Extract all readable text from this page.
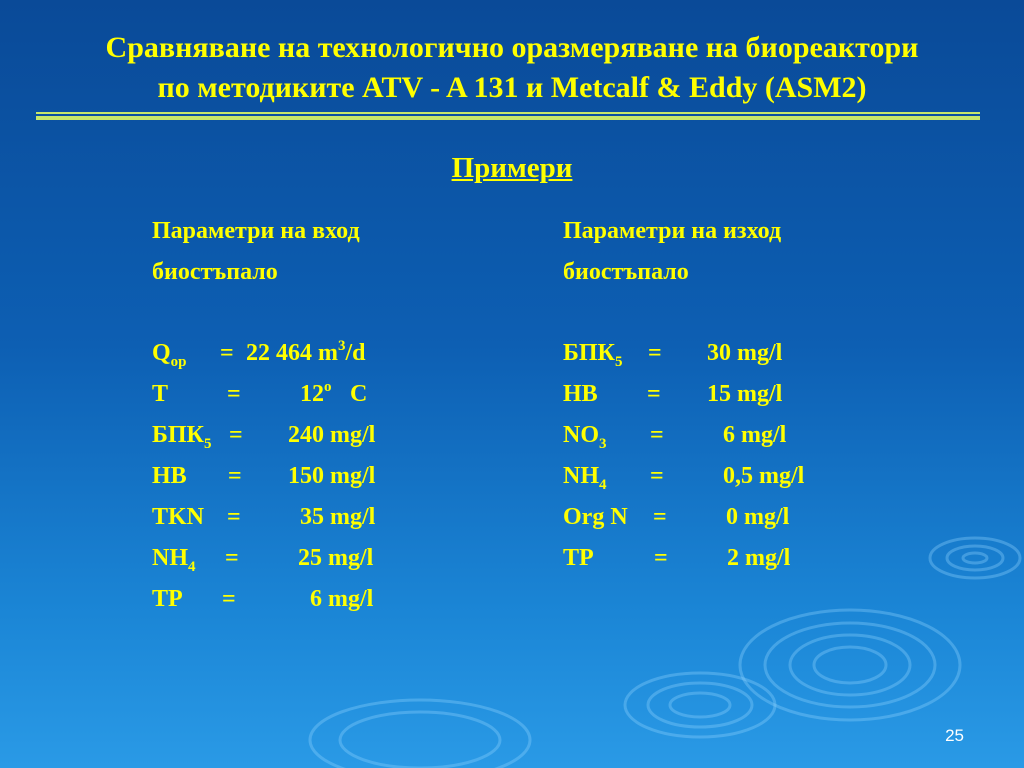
Сравняване на технологично оразмеряване на биореактори
по методиките ATV - A 131 и Metcalf & Eddy (ASM2)
Примери
Параметри на вход
биостъпало
$Q_{op} = 22$ 464 $m^3/d$
$T = 12^o$ C
$БПК_5 = 240$ mg/l
HB = 150 mg/l
TKN = 35 mg/l
$NH_4 = 25$ mg/l
TP =	6 mg/l
Параметри на изход
биостъпало
$БПК_5 = 30$ mg/l
HB = 15 mg/l
$NO_3 = 6$ mg/l
$NH_4 = 0,5$ mg/l
Org N = 0 mg/l
TP	= 2 mg/l
25
